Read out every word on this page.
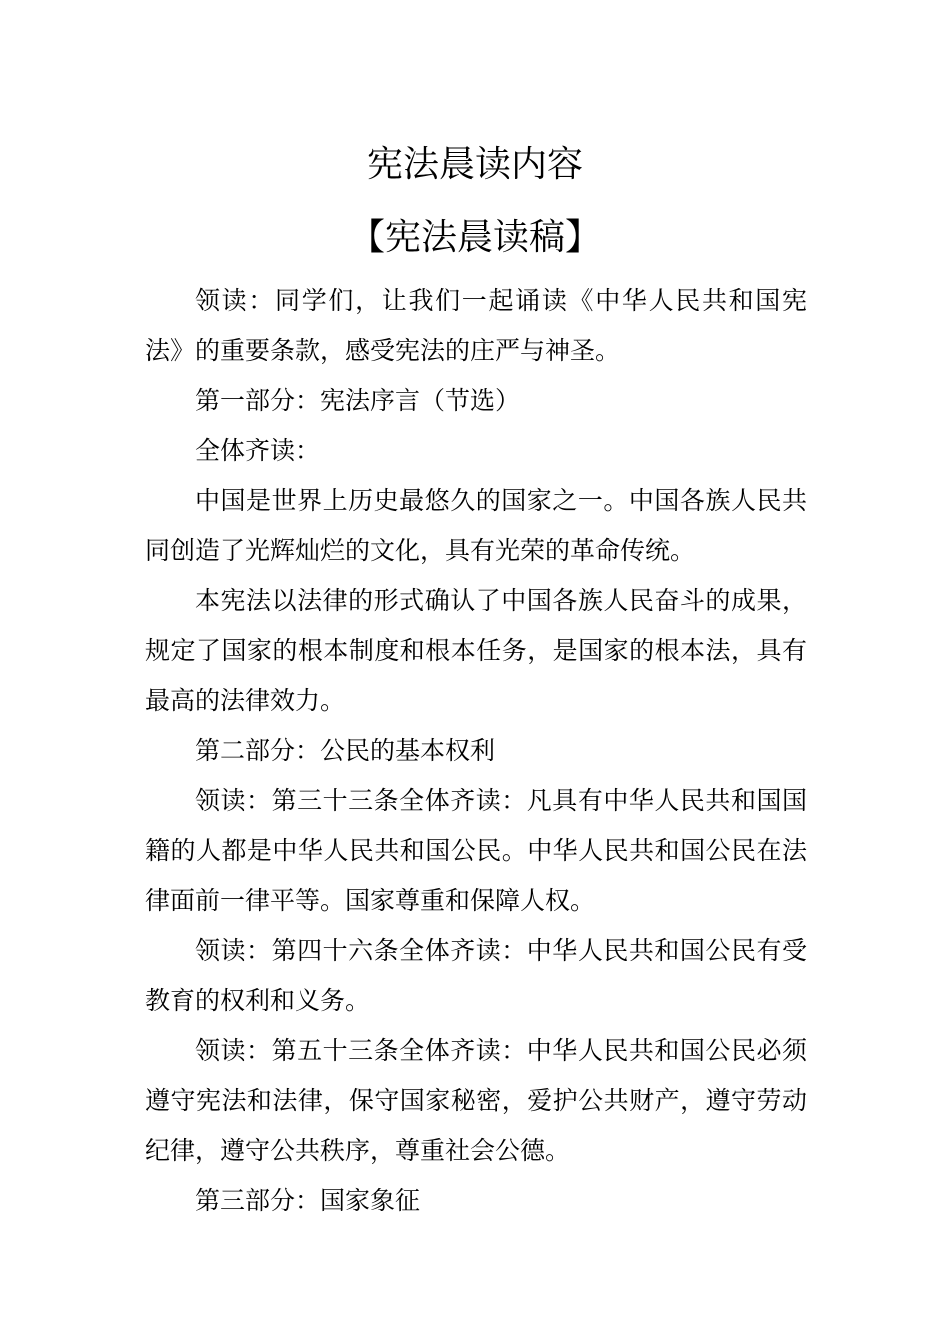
宪法晨读内容
【宪法晨读稿】

领读：同学们，让我们一起诵读《中华人民共和国宪法》的重要条款，感受宪法的庄严与神圣。

第一部分：宪法序言（节选）

全体齐读：

中国是世界上历史最悠久的国家之一。中国各族人民共同创造了光辉灿烂的文化，具有光荣的革命传统。

本宪法以法律的形式确认了中国各族人民奋斗的成果，规定了国家的根本制度和根本任务，是国家的根本法，具有最高的法律效力。

第二部分：公民的基本权利

领读：第三十三条全体齐读：凡具有中华人民共和国国籍的人都是中华人民共和国公民。中华人民共和国公民在法律面前一律平等。国家尊重和保障人权。

领读：第四十六条全体齐读：中华人民共和国公民有受教育的权利和义务。

领读：第五十三条全体齐读：中华人民共和国公民必须遵守宪法和法律，保守国家秘密，爱护公共财产，遵守劳动纪律，遵守公共秩序，尊重社会公德。

第三部分：国家象征
